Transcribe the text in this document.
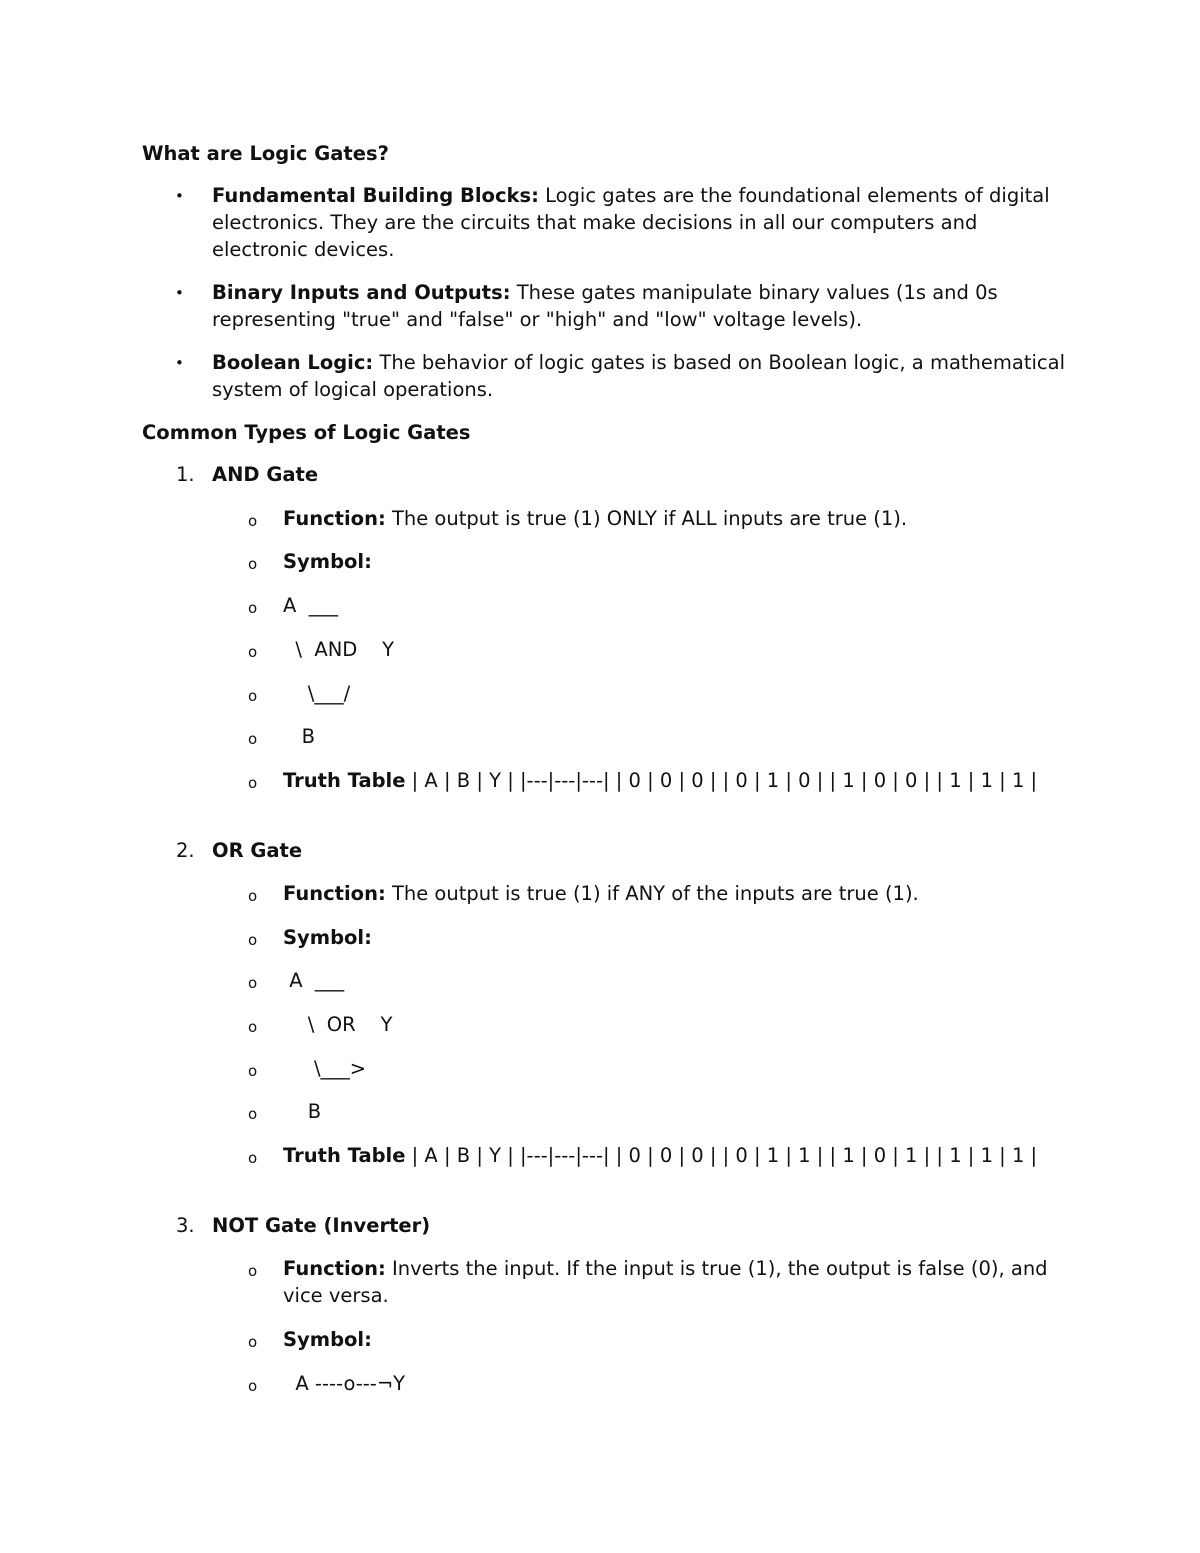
What are Logic Gates?
• Fundamental Building Blocks: Logic gates are the foundational elements of digital electronics. They are the circuits that make decisions in all our computers and electronic devices.
• Binary Inputs and Outputs: These gates manipulate binary values (1s and 0s representing "true" and "false" or "high" and "low" voltage levels).
• Boolean Logic: The behavior of logic gates is based on Boolean logic, a mathematical system of logical operations.
Common Types of Logic Gates
1. AND Gate
o Function: The output is true (1) ONLY if ALL inputs are true (1).
o Symbol:
o A  ___
o \  AND    Y
o \___/
o B
o Truth Table | A | B | Y | |---|---|---| | 0 | 0 | 0 | | 0 | 1 | 0 | | 1 | 0 | 0 | | 1 | 1 | 1 |
2. OR Gate
o Function: The output is true (1) if ANY of the inputs are true (1).
o Symbol:
o A  ___
o \  OR    Y
o \___>
o B
o Truth Table | A | B | Y | |---|---|---| | 0 | 0 | 0 | | 0 | 1 | 1 | | 1 | 0 | 1 | | 1 | 1 | 1 |
3. NOT Gate (Inverter)
o Function: Inverts the input. If the input is true (1), the output is false (0), and vice versa.
o Symbol:
o A ----o---¬Y
